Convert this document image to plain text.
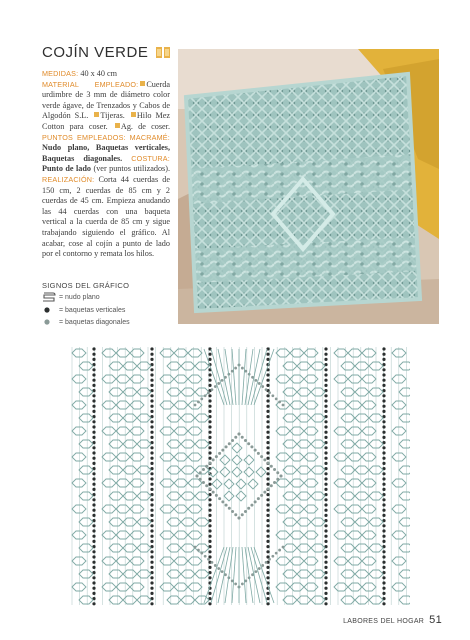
COJÍN VERDE
MEDIDAS: 40 x 40 cm
MATERIAL EMPLEADO: Cuerda urdimbre de 3 mm de diámetro color verde ágave, de Trenzados y Cabos de Algodón S.L. Tijeras. Hilo Mez Cotton para coser. Ag. de coser. PUNTOS EMPLEADOS: MACRAMÉ: Nudo plano, Baquetas verticales, Baquetas diagonales. COSTURA: Punto de lado (ver puntos utilizados). REALIZACIÓN: Corta 44 cuerdas de 150 cm, 2 cuerdas de 85 cm y 2 cuerdas de 45 cm. Empieza anudando las 44 cuerdas con una baqueta vertical a la cuerda de 85 cm y sigue trabajando siguiendo el gráfico. Al acabar, cose al cojín a punto de lado por el contorno y remata los hilos.
SIGNOS DEL GRÁFICO
= nudo plano
= baquetas verticales
= baquetas diagonales
LABORES DEL HOGAR 51
